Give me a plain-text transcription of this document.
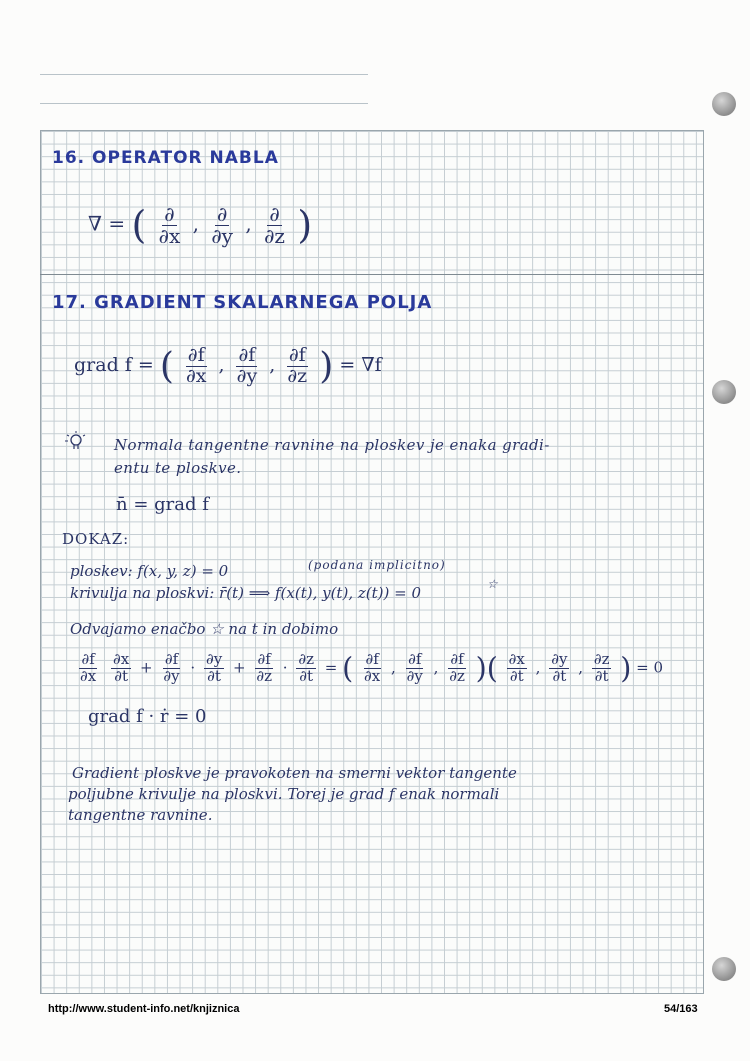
16. OPERATOR NABLA
∇ = ( $\frac{\partial}{\partial x}$ , $\frac{\partial}{\partial y}$ , $\frac{\partial}{\partial z}$ )
17. GRADIENT SKALARNEGA POLJA
grad f = ( $\frac{\partial f}{\partial x}$ , $\frac{\partial f}{\partial y}$ , $\frac{\partial f}{\partial z}$ ) = ∇f
Normala tangentne ravnine na ploskev je enaka gradi-
entu te ploskve.
n̄ = grad f
DOKAZ:
ploskev: f(x, y, z) = 0	(podana implicitno)
krivulja na ploskvi: r̄(t) ⟹ f(x(t), y(t), z(t)) = 0	☆
Odvajamo enačbo ☆ na t in dobimo
$\frac{\partial f}{\partial x}$
$\frac{\partial x}{\partial t} + \frac{\partial f}{\partial y} \cdot \frac{\partial y}{\partial t} + \frac{\partial f}{\partial z} \cdot \frac{\partial z}{\partial t}$ = ( $\frac{\partial f}{\partial x}$ , $\frac{\partial f}{\partial y}$ , $\frac{\partial f}{\partial z}$ )( $\frac{\partial x}{\partial t}$ , $\frac{\partial y}{\partial t}$ , $\frac{\partial z}{\partial t}$ ) = 0
grad f · ṙ = 0
Gradient ploskve je pravokoten na smerni vektor tangente
poljubne krivulje na ploskvi. Torej je grad f enak normali
tangentne ravnine.
http://www.student-info.net/knjiznica	54/163
